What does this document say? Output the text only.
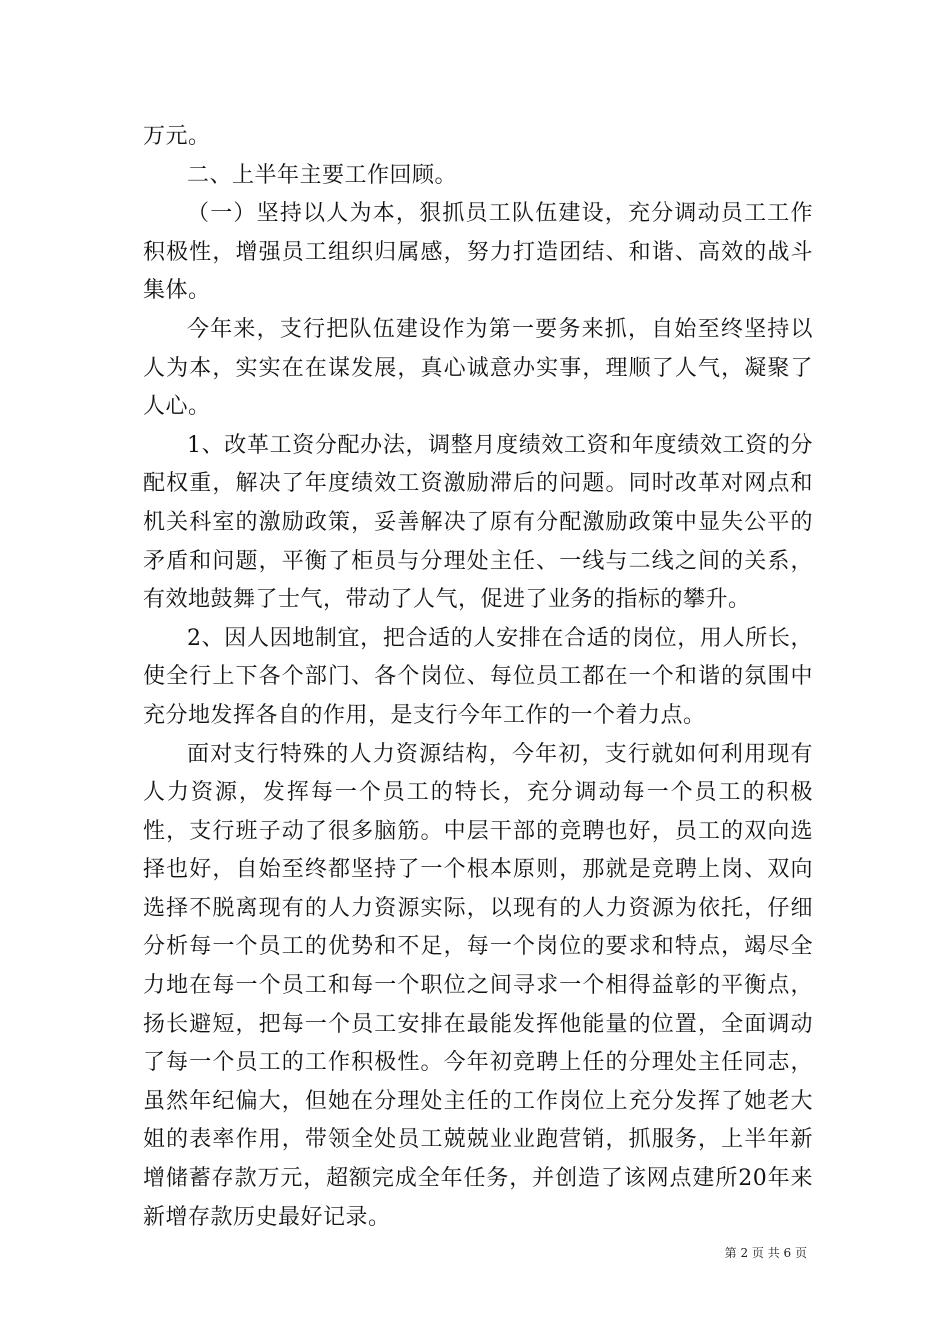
万元。

二、上半年主要工作回顾。

（一）坚持以人为本，狠抓员工队伍建设，充分调动员工工作积极性，增强员工组织归属感，努力打造团结、和谐、高效的战斗集体。

今年来，支行把队伍建设作为第一要务来抓，自始至终坚持以人为本，实实在在谋发展，真心诚意办实事，理顺了人气，凝聚了人心。

1、改革工资分配办法，调整月度绩效工资和年度绩效工资的分配权重，解决了年度绩效工资激励滞后的问题。同时改革对网点和机关科室的激励政策，妥善解决了原有分配激励政策中显失公平的矛盾和问题，平衡了柜员与分理处主任、一线与二线之间的关系，有效地鼓舞了士气，带动了人气，促进了业务的指标的攀升。

2、因人因地制宜，把合适的人安排在合适的岗位，用人所长，使全行上下各个部门、各个岗位、每位员工都在一个和谐的氛围中充分地发挥各自的作用，是支行今年工作的一个着力点。

面对支行特殊的人力资源结构，今年初，支行就如何利用现有人力资源，发挥每一个员工的特长，充分调动每一个员工的积极性，支行班子动了很多脑筋。中层干部的竞聘也好，员工的双向选择也好，自始至终都坚持了一个根本原则，那就是竞聘上岗、双向选择不脱离现有的人力资源实际，以现有的人力资源为依托，仔细分析每一个员工的优势和不足，每一个岗位的要求和特点，竭尽全力地在每一个员工和每一个职位之间寻求一个相得益彰的平衡点，扬长避短，把每一个员工安排在最能发挥他能量的位置，全面调动了每一个员工的工作积极性。今年初竞聘上任的分理处主任同志，虽然年纪偏大，但她在分理处主任的工作岗位上充分发挥了她老大姐的表率作用，带领全处员工兢兢业业跑营销，抓服务，上半年新增储蓄存款万元，超额完成全年任务，并创造了该网点建所20年来新增存款历史最好记录。

第 2 页 共 6 页
